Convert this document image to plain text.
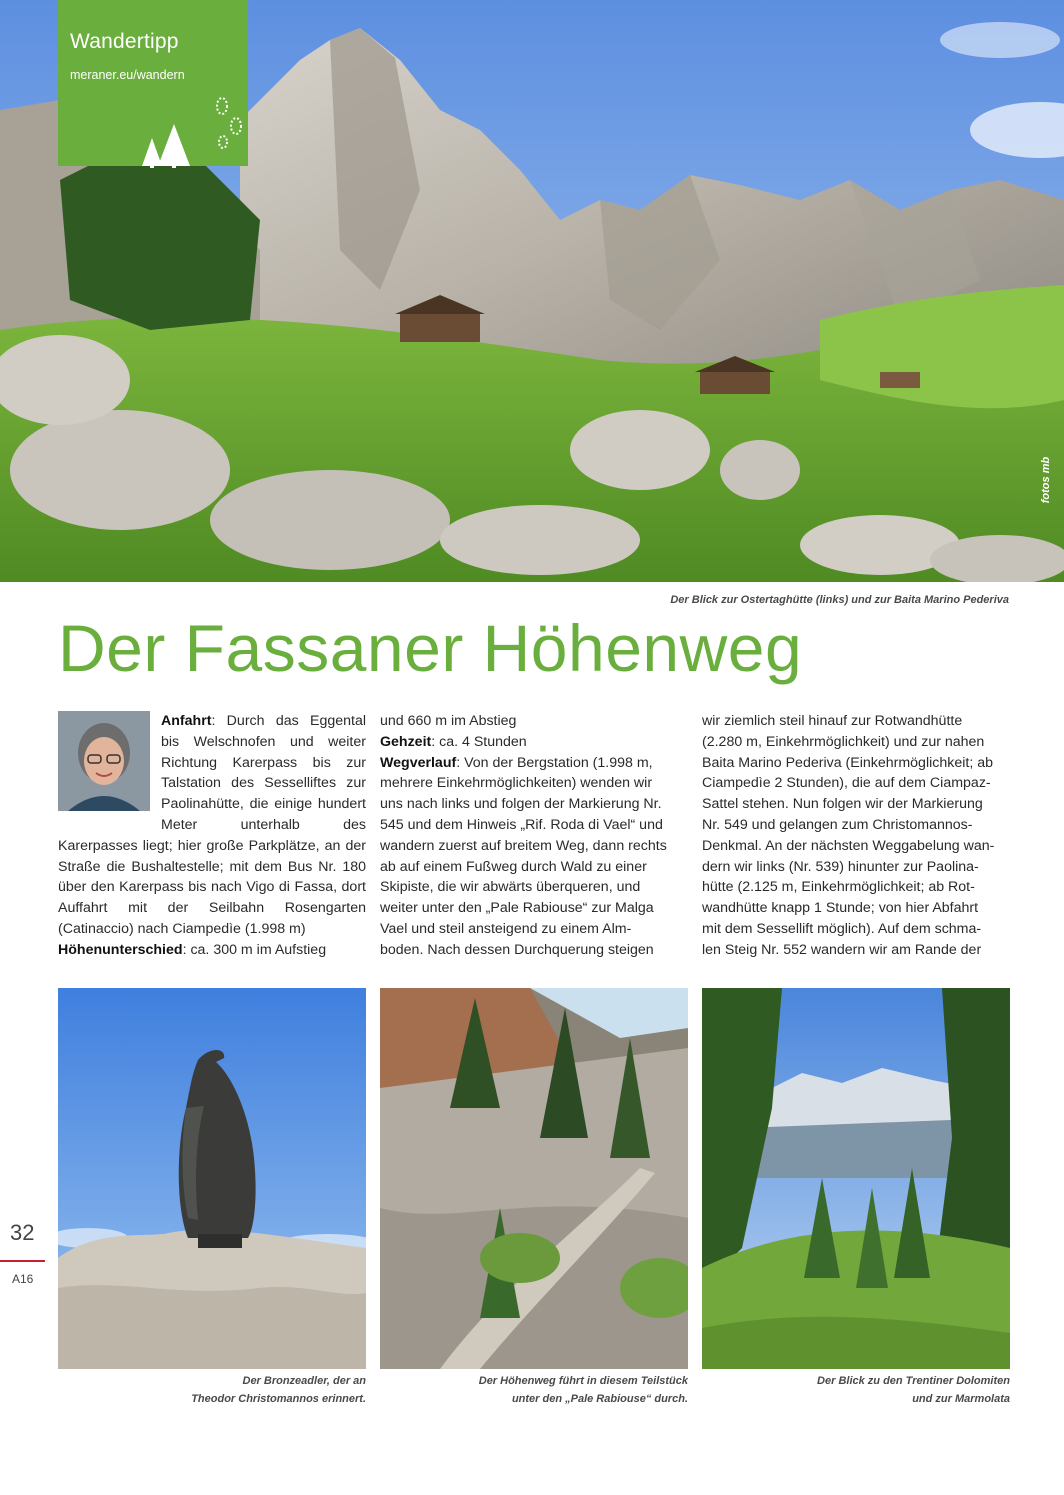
Wandertipp
meraner.eu/wandern
fotos mb
Der Blick zur Ostertaghütte (links) und zur Baita Marino Pederiva
Der Fassaner Höhenweg
Anfahrt: Durch das Eggental bis Welschnofen und weiter Richtung Karerpass bis zur Talstation des Sesselliftes zur Paolinahütte, die einige hundert Meter unterhalb des Karerpasses liegt; hier große Parkplätze, an der Straße die Bushaltestelle; mit dem Bus Nr. 180 über den Karerpass bis nach Vigo di Fassa, dort Auffahrt mit der Seilbahn Rosengarten (Catinaccio) nach Ciampedìe (1.998 m)
Höhenunterschied: ca. 300 m im Aufstieg
und 660 m im Abstieg
Gehzeit: ca. 4 Stunden
Wegverlauf: Von der Bergstation (1.998 m,
mehrere Einkehrmöglichkeiten) wenden wir
uns nach links und folgen der Markierung Nr.
545 und dem Hinweis „Rif. Roda di Vael“ und
wandern zuerst auf breitem Weg, dann rechts
ab auf einem Fußweg durch Wald zu einer
Skipiste, die wir abwärts überqueren, und
weiter unter den „Pale Rabiouse“ zur Malga
Vael und steil ansteigend zu einem Alm-
boden. Nach dessen Durchquerung steigen
wir ziemlich steil hinauf zur Rotwandhütte
(2.280 m, Einkehrmöglichkeit) und zur nahen
Baita Marino Pederiva (Einkehrmöglichkeit; ab
Ciampedìe 2 Stunden), die auf dem Ciampaz-
Sattel stehen. Nun folgen wir der Markierung
Nr. 549 und gelangen zum Christomannos-
Denkmal. An der nächsten Weggabelung wan-
dern wir links (Nr. 539) hinunter zur Paolina-
hütte (2.125 m, Einkehrmöglichkeit; ab Rot-
wandhütte knapp 1 Stunde; von hier Abfahrt
mit dem Sessellift möglich). Auf dem schma-
len Steig Nr. 552 wandern wir am Rande der
Der Bronzeadler, der an
Theodor Christomannos erinnert.
Der Höhenweg führt in diesem Teilstück
unter den „Pale Rabiouse“ durch.
Der Blick zu den Trentiner Dolomiten
und zur Marmolata
32
A16
